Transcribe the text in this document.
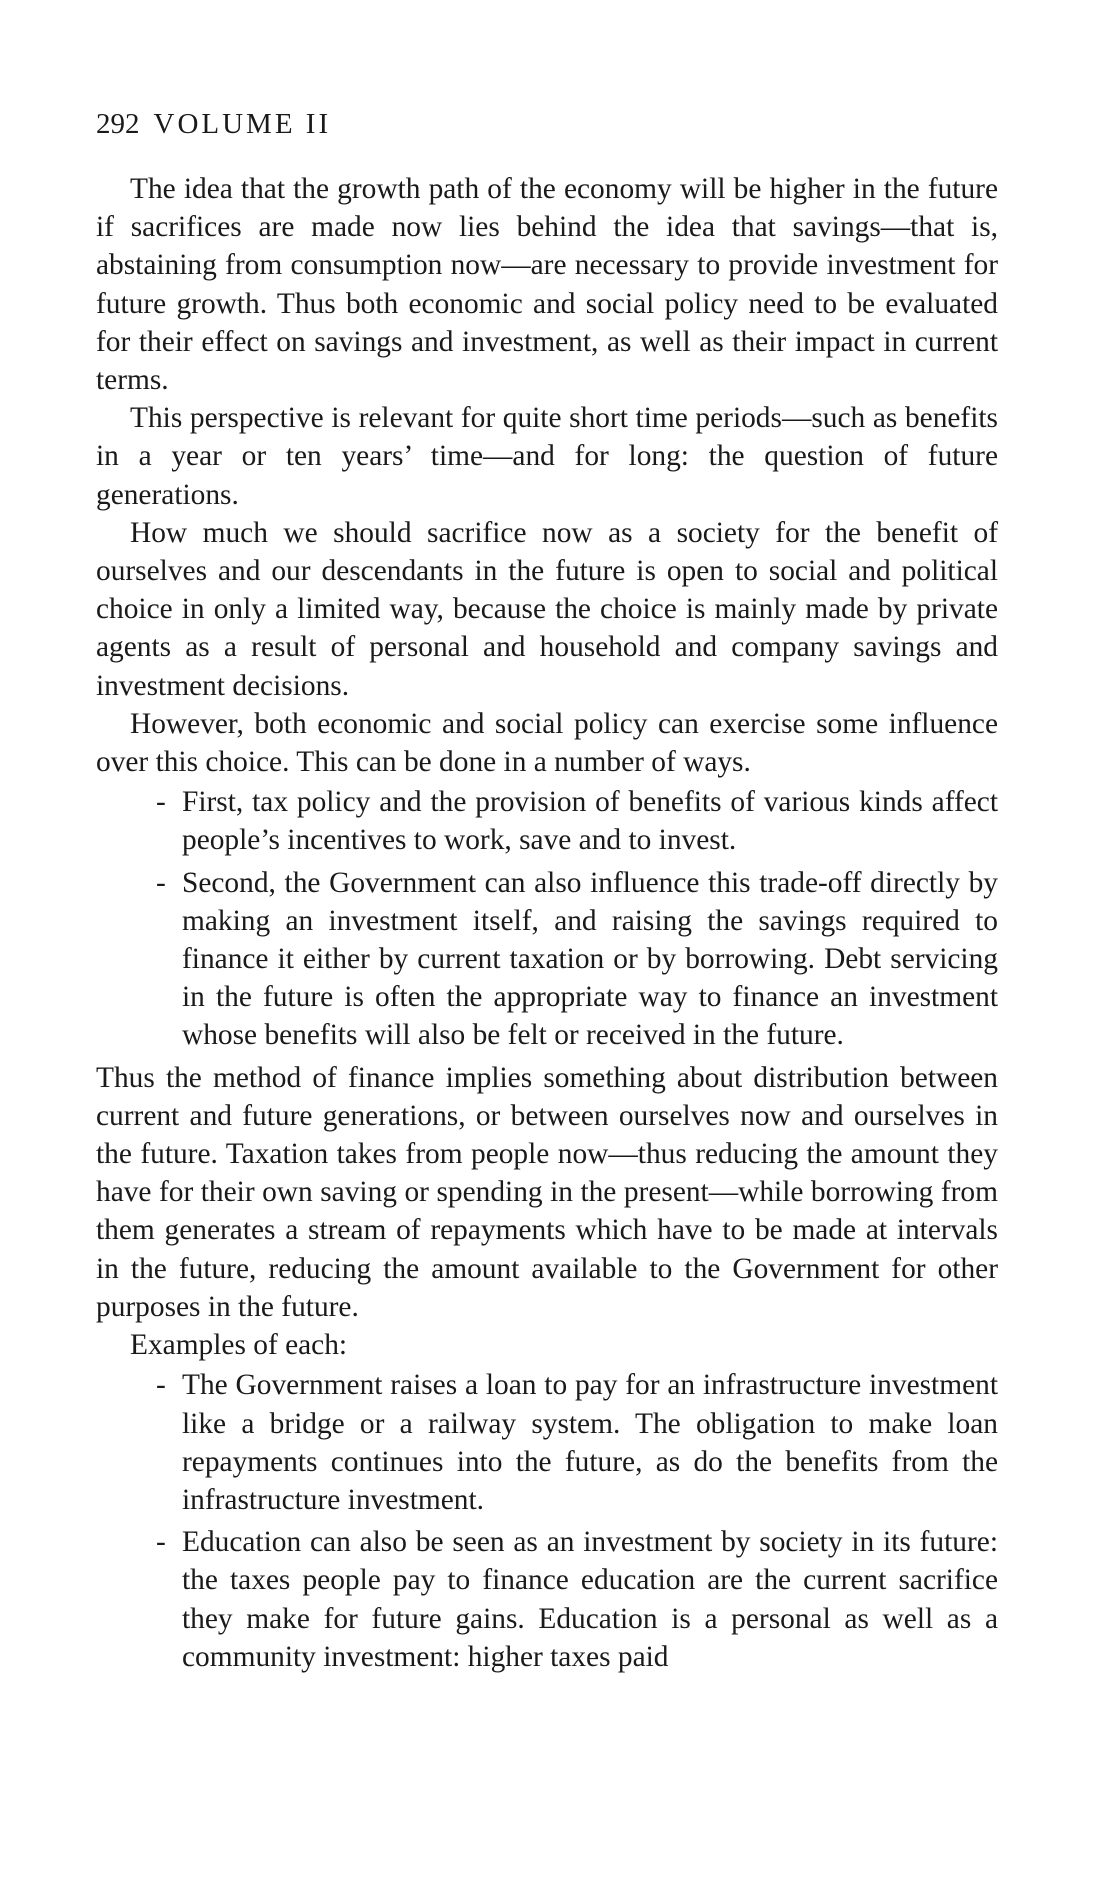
292 VOLUME II

The idea that the growth path of the economy will be higher in the future if sacrifices are made now lies behind the idea that savings—that is, abstaining from consumption now—are necessary to provide investment for future growth. Thus both economic and social policy need to be evaluated for their effect on savings and investment, as well as their impact in current terms.

This perspective is relevant for quite short time periods—such as benefits in a year or ten years’ time—and for long: the question of future generations.

How much we should sacrifice now as a society for the benefit of ourselves and our descendants in the future is open to social and political choice in only a limited way, because the choice is mainly made by private agents as a result of personal and household and company savings and investment decisions.

However, both economic and social policy can exercise some influence over this choice. This can be done in a number of ways.

- First, tax policy and the provision of benefits of various kinds affect people’s incentives to work, save and to invest.
- Second, the Government can also influence this trade-off directly by making an investment itself, and raising the savings required to finance it either by current taxation or by borrowing. Debt servicing in the future is often the appropriate way to finance an investment whose benefits will also be felt or received in the future.

Thus the method of finance implies something about distribution between current and future generations, or between ourselves now and ourselves in the future. Taxation takes from people now—thus reducing the amount they have for their own saving or spending in the present—while borrowing from them generates a stream of repayments which have to be made at intervals in the future, reducing the amount available to the Government for other purposes in the future.

Examples of each:

- The Government raises a loan to pay for an infrastructure investment like a bridge or a railway system. The obligation to make loan repayments continues into the future, as do the benefits from the infrastructure investment.
- Education can also be seen as an investment by society in its future: the taxes people pay to finance education are the current sacrifice they make for future gains. Education is a personal as well as a community investment: higher taxes paid
